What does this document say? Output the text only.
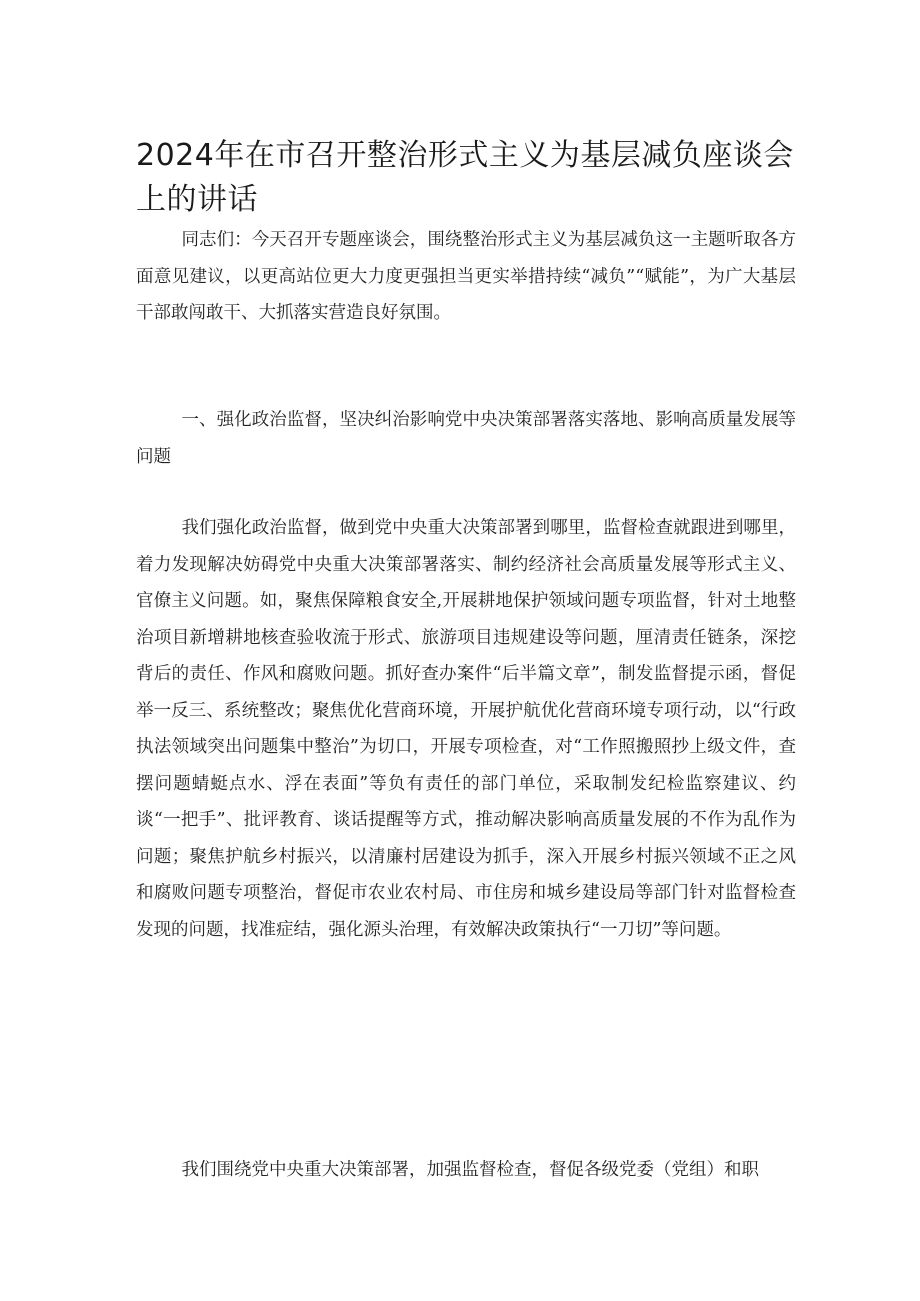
2024年在市召开整治形式主义为基层减负座谈会上的讲话

同志们：今天召开专题座谈会，围绕整治形式主义为基层减负这一主题听取各方面意见建议，以更高站位更大力度更强担当更实举措持续“减负”“赋能”，为广大基层干部敢闯敢干、大抓落实营造良好氛围。

一、强化政治监督，坚决纠治影响党中央决策部署落实落地、影响高质量发展等问题

我们强化政治监督，做到党中央重大决策部署到哪里，监督检查就跟进到哪里，着力发现解决妨碍党中央重大决策部署落实、制约经济社会高质量发展等形式主义、官僚主义问题。如，聚焦保障粮食安全,开展耕地保护领域问题专项监督，针对土地整治项目新增耕地核查验收流于形式、旅游项目违规建设等问题，厘清责任链条，深挖背后的责任、作风和腐败问题。抓好查办案件“后半篇文章”，制发监督提示函，督促举一反三、系统整改；聚焦优化营商环境，开展护航优化营商环境专项行动，以“行政执法领域突出问题集中整治”为切口，开展专项检查，对“工作照搬照抄上级文件，查摆问题蜻蜓点水、浮在表面”等负有责任的部门单位，采取制发纪检监察建议、约谈“一把手”、批评教育、谈话提醒等方式，推动解决影响高质量发展的不作为乱作为问题；聚焦护航乡村振兴，以清廉村居建设为抓手，深入开展乡村振兴领域不正之风和腐败问题专项整治，督促市农业农村局、市住房和城乡建设局等部门针对监督检查发现的问题，找准症结，强化源头治理，有效解决政策执行“一刀切”等问题。

我们围绕党中央重大决策部署，加强监督检查，督促各级党委（党组）和职
